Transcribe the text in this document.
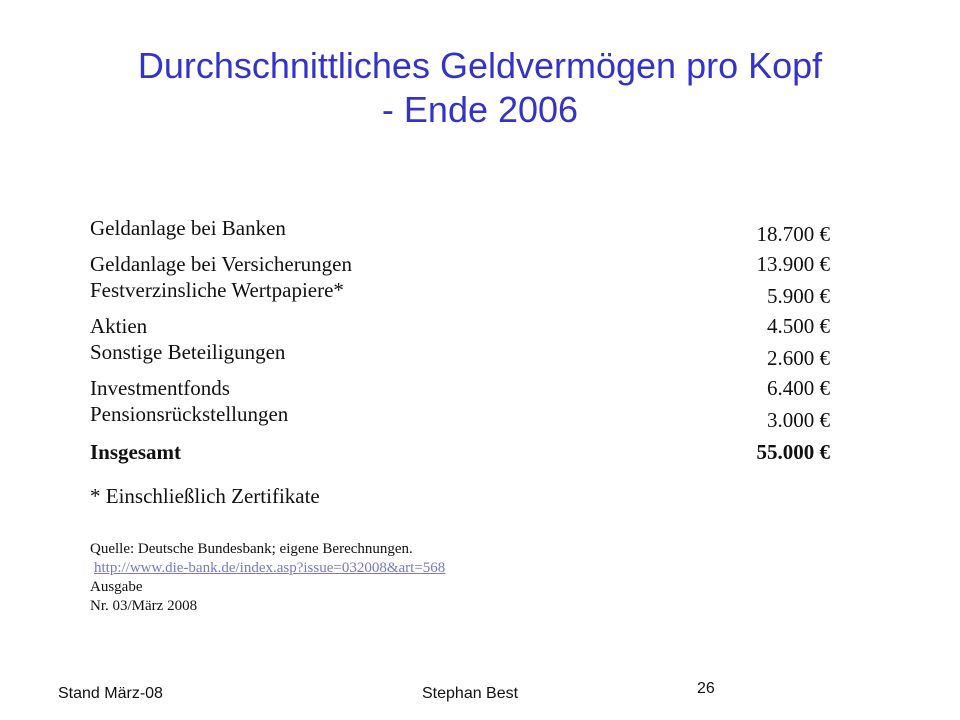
Durchschnittliches Geldvermögen pro Kopf
- Ende 2006
Geldanlage bei Banken	18.700 €
Geldanlage bei Versicherungen	13.900 €
Festverzinsliche Wertpapiere*	5.900 €
Aktien	4.500 €
Sonstige Beteiligungen	2.600 €
Investmentfonds	6.400 €
Pensionsrückstellungen	3.000 €
Insgesamt	55.000 €
* Einschließlich Zertifikate
Quelle: Deutsche Bundesbank; eigene Berechnungen.
http://www.die-bank.de/index.asp?issue=032008&art=568
Ausgabe
Nr. 03/März 2008
Stand März-08	Stephan Best	26
